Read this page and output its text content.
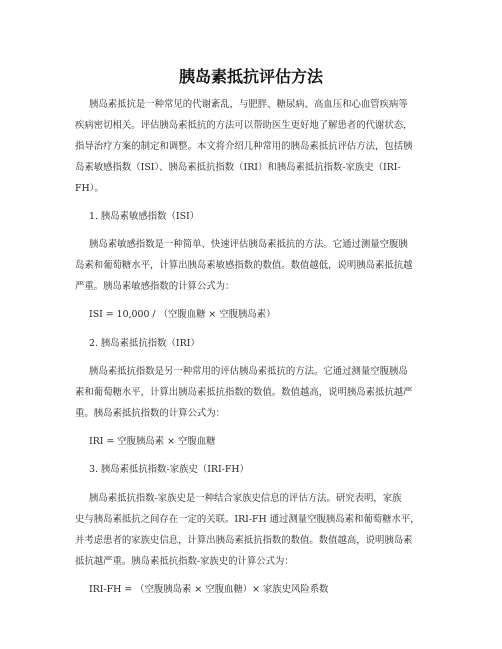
胰岛素抵抗评估方法

胰岛素抵抗是一种常见的代谢紊乱，与肥胖、糖尿病、高血压和心血管疾病等

疾病密切相关。评估胰岛素抵抗的方法可以帮助医生更好地了解患者的代谢状态，

指导治疗方案的制定和调整。本文将介绍几种常用的胰岛素抵抗评估方法，包括胰

岛素敏感指数（ISI）、胰岛素抵抗指数（IRI）和胰岛素抵抗指数-家族史（IRI-

FH）。

1. 胰岛素敏感指数（ISI）

胰岛素敏感指数是一种简单、快速评估胰岛素抵抗的方法。它通过测量空腹胰

岛素和葡萄糖水平，计算出胰岛素敏感指数的数值。数值越低，说明胰岛素抵抗越

严重。胰岛素敏感指数的计算公式为：

ISI = 10,000 / （空腹血糖 × 空腹胰岛素）

2. 胰岛素抵抗指数（IRI）

胰岛素抵抗指数是另一种常用的评估胰岛素抵抗的方法。它通过测量空腹胰岛

素和葡萄糖水平，计算出胰岛素抵抗指数的数值。数值越高，说明胰岛素抵抗越严

重。胰岛素抵抗指数的计算公式为：

IRI = 空腹胰岛素 × 空腹血糖

3. 胰岛素抵抗指数-家族史（IRI-FH）

胰岛素抵抗指数-家族史是一种结合家族史信息的评估方法。研究表明，家族

史与胰岛素抵抗之间存在一定的关联。IRI-FH 通过测量空腹胰岛素和葡萄糖水平，

并考虑患者的家族史信息，计算出胰岛素抵抗指数的数值。数值越高，说明胰岛素

抵抗越严重。胰岛素抵抗指数-家族史的计算公式为：

IRI-FH = （空腹胰岛素 × 空腹血糖）× 家族史风险系数
